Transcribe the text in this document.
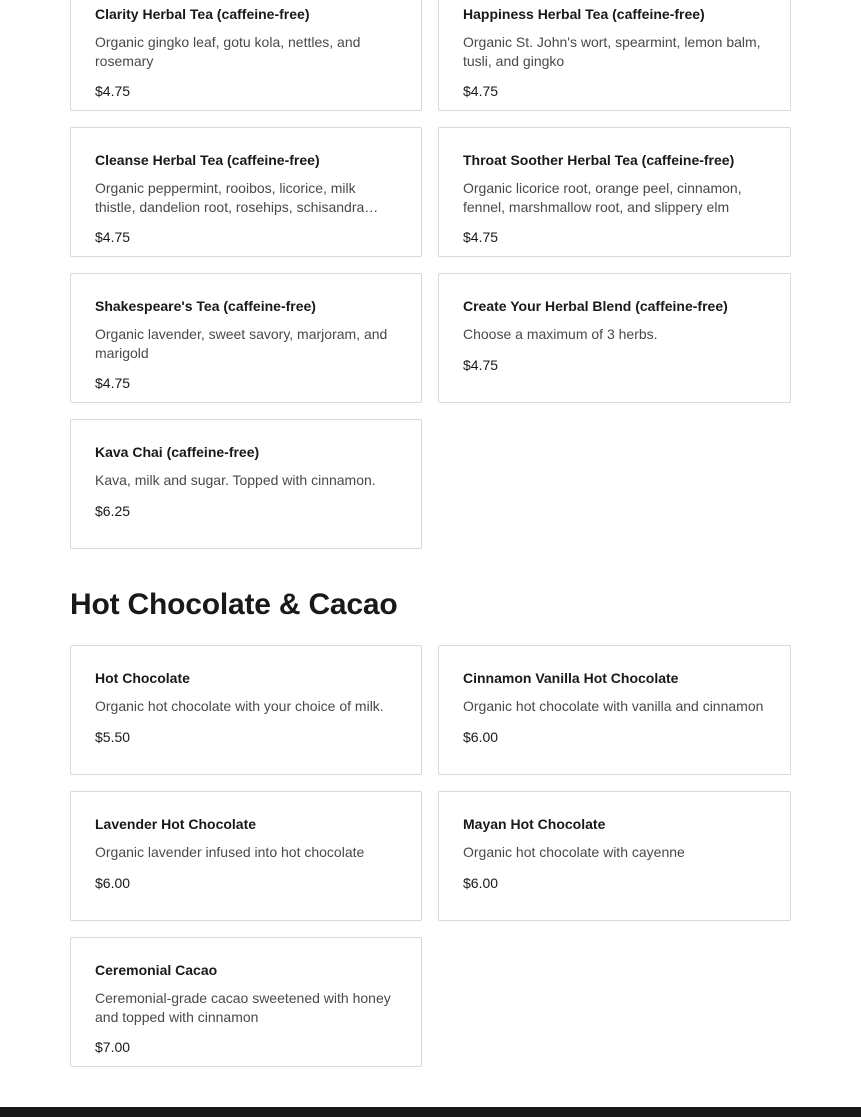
Clarity Herbal Tea (caffeine-free)
Organic gingko leaf, gotu kola, nettles, and rosemary
$4.75
Happiness Herbal Tea (caffeine-free)
Organic St. John's wort, spearmint, lemon balm, tusli, and gingko
$4.75
Cleanse Herbal Tea (caffeine-free)
Organic peppermint, rooibos, licorice, milk thistle, dandelion root, rosehips, schisandra…
$4.75
Throat Soother Herbal Tea (caffeine-free)
Organic licorice root, orange peel, cinnamon, fennel, marshmallow root, and slippery elm
$4.75
Shakespeare's Tea (caffeine-free)
Organic lavender, sweet savory, marjoram, and marigold
$4.75
Create Your Herbal Blend (caffeine-free)
Choose a maximum of 3 herbs.
$4.75
Kava Chai (caffeine-free)
Kava, milk and sugar. Topped with cinnamon.
$6.25
Hot Chocolate & Cacao
Hot Chocolate
Organic hot chocolate with your choice of milk.
$5.50
Cinnamon Vanilla Hot Chocolate
Organic hot chocolate with vanilla and cinnamon
$6.00
Lavender Hot Chocolate
Organic lavender infused into hot chocolate
$6.00
Mayan Hot Chocolate
Organic hot chocolate with cayenne
$6.00
Ceremonial Cacao
Ceremonial-grade cacao sweetened with honey and topped with cinnamon
$7.00
